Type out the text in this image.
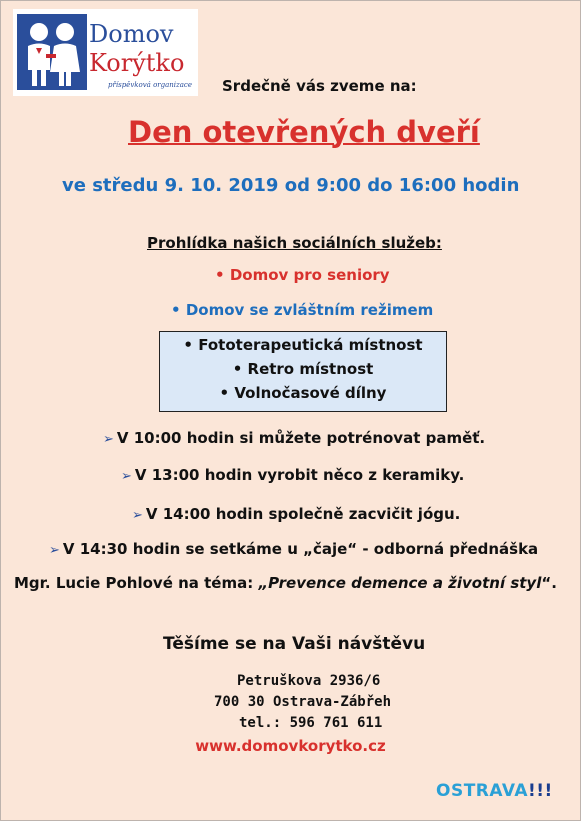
Domov
Korýtko
příspěvková organizace Srdečně vás zveme na:
Den otevřených dveří
ve středu 9. 10. 2019 od 9:00 do 16:00 hodin
Prohlídka našich sociálních služeb:
• Domov pro seniory
• Domov se zvláštním režimem
• Fototerapeutická místnost
• Retro místnost
• Volnočasové dílny
➢ V 10:00 hodin si můžete potrénovat paměť.
➢ V 13:00 hodin vyrobit něco z keramiky.
➢ V 14:00 hodin společně zacvičit jógu.
➢ V 14:30 hodin se setkáme u „čaje“ - odborná přednáška
Mgr. Lucie Pohlové na téma: „Prevence demence a životní styl“.
Těšíme se na Vaši návštěvu
Petruškova 2936/6
700 30 Ostrava-Zábřeh
tel.: 596 761 611
www.domovkorytko.cz
OSTRAVA!!!
